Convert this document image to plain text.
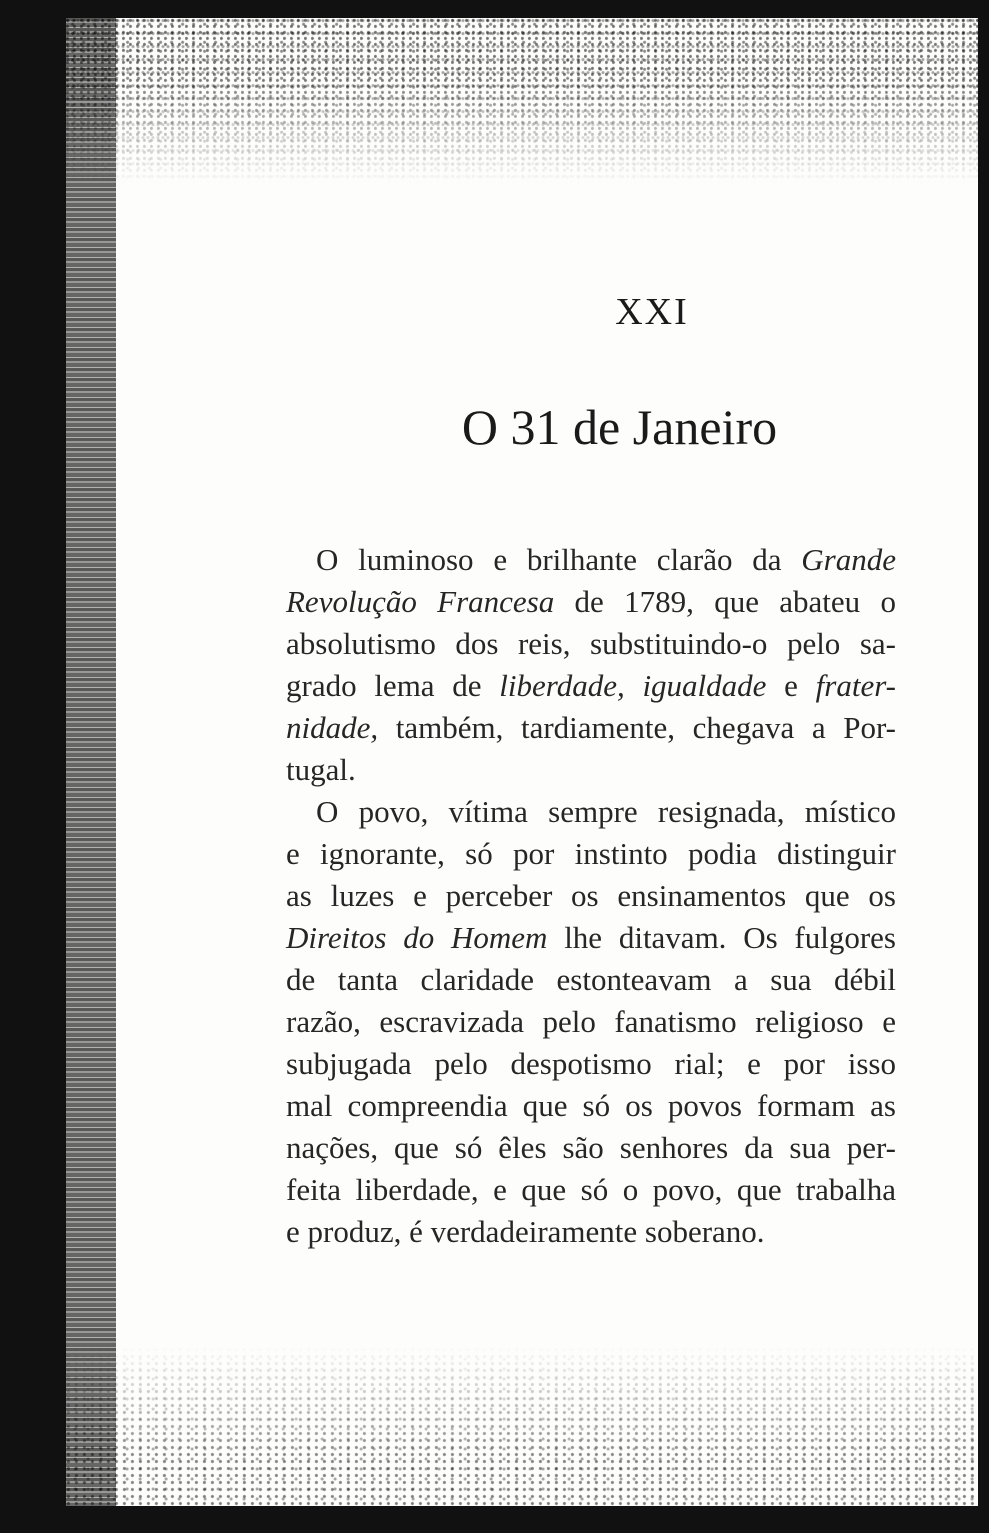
XXI
O 31 de Janeiro

O luminoso e brilhante clarão da Grande
Revolução Francesa de 1789, que abateu o
absolutismo dos reis, substituindo-o pelo sa-
grado lema de liberdade, igualdade e frater-
nidade, também, tardiamente, chegava a Por-
tugal.

O povo, vítima sempre resignada, místico
e ignorante, só por instinto podia distinguir
as luzes e perceber os ensinamentos que os
Direitos do Homem lhe ditavam. Os fulgores
de tanta claridade estonteavam a sua débil
razão, escravizada pelo fanatismo religioso e
subjugada pelo despotismo rial; e por isso
mal compreendia que só os povos formam as
nações, que só êles são senhores da sua per-
feita liberdade, e que só o povo, que trabalha
e produz, é verdadeiramente soberano.
